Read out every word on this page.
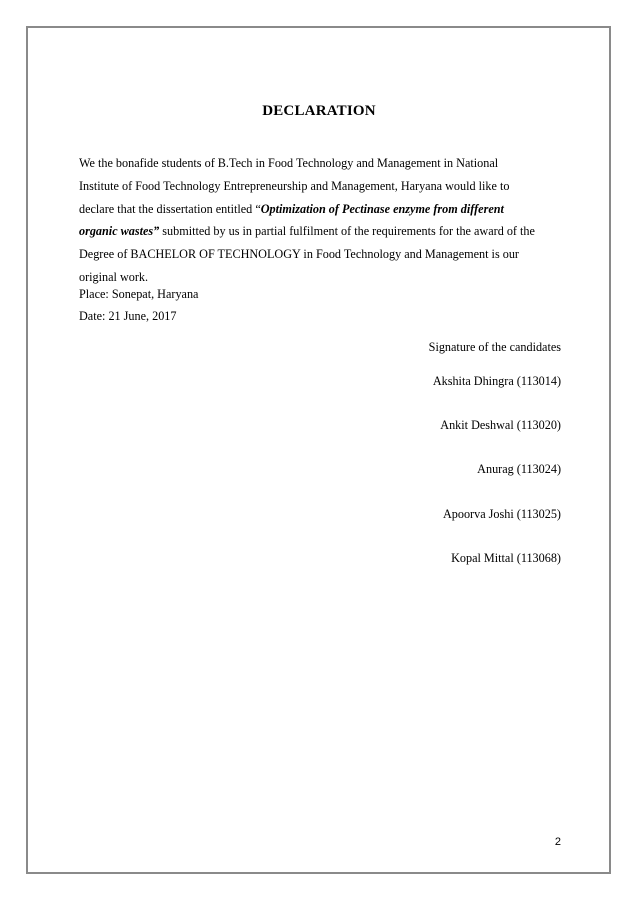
DECLARATION
We the bonafide students of B.Tech in Food Technology and Management in National
Institute of Food Technology Entrepreneurship and Management, Haryana would like to
declare that the dissertation entitled “Optimization of Pectinase enzyme from different
organic wastes” submitted by us in partial fulfilment of the requirements for the award of the
Degree of BACHELOR OF TECHNOLOGY in Food Technology and Management is our
original work.
Place: Sonepat, Haryana
Date: 21 June, 2017
Signature of the candidates
Akshita Dhingra (113014)
Ankit Deshwal (113020)
Anurag (113024)
Apoorva Joshi (113025)
Kopal Mittal (113068)
2
